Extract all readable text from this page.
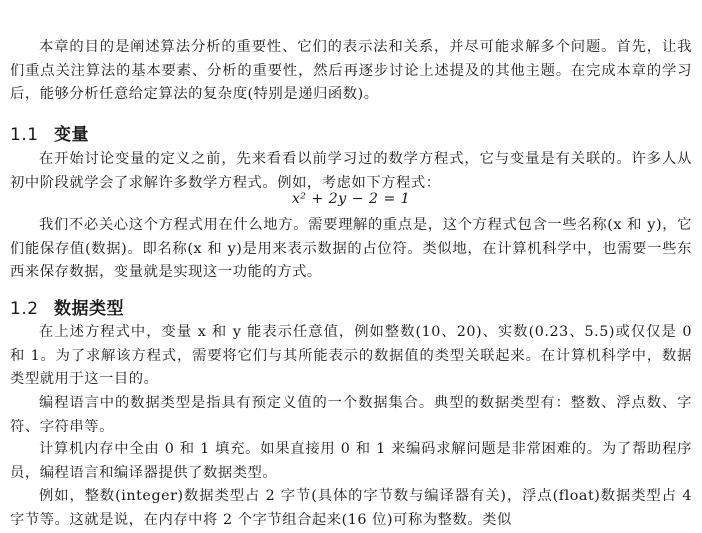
本章的目的是阐述算法分析的重要性、它们的表示法和关系，并尽可能求解多个问题。首先，让我们重点关注算法的基本要素、分析的重要性，然后再逐步讨论上述提及的其他主题。在完成本章的学习后，能够分析任意给定算法的复杂度(特别是递归函数)。

1.1 变量

在开始讨论变量的定义之前，先来看看以前学习过的数学方程式，它与变量是有关联的。许多人从初中阶段就学会了求解许多数学方程式。例如，考虑如下方程式：

x² + 2y − 2 = 1

我们不必关心这个方程式用在什么地方。需要理解的重点是，这个方程式包含一些名称(x 和 y)，它们能保存值(数据)。即名称(x 和 y)是用来表示数据的占位符。类似地，在计算机科学中，也需要一些东西来保存数据，变量就是实现这一功能的方式。

1.2 数据类型

在上述方程式中，变量 x 和 y 能表示任意值，例如整数(10、20)、实数(0.23、5.5)或仅仅是 0 和 1。为了求解该方程式，需要将它们与其所能表示的数据值的类型关联起来。在计算机科学中，数据类型就用于这一目的。

编程语言中的数据类型是指具有预定义值的一个数据集合。典型的数据类型有：整数、浮点数、字符、字符串等。

计算机内存中全由 0 和 1 填充。如果直接用 0 和 1 来编码求解问题是非常困难的。为了帮助程序员，编程语言和编译器提供了数据类型。

例如，整数(integer)数据类型占 2 字节(具体的字节数与编译器有关)，浮点(float)数据类型占 4 字节等。这就是说，在内存中将 2 个字节组合起来(16 位)可称为整数。类似
